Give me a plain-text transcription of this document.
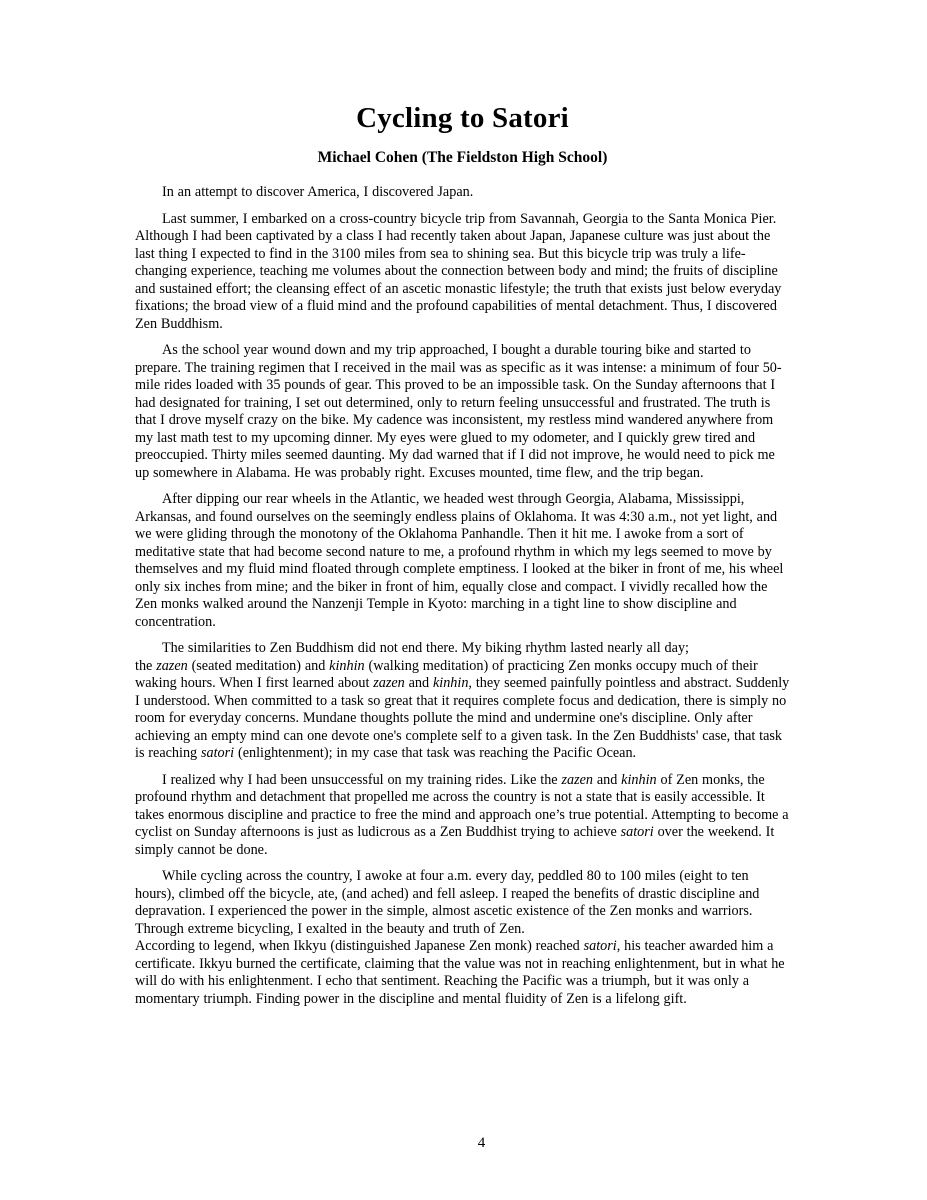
Cycling to Satori
Michael Cohen (The Fieldston High School)

In an attempt to discover America, I discovered Japan.

Last summer, I embarked on a cross-country bicycle trip from Savannah, Georgia to the Santa Monica Pier. Although I had been captivated by a class I had recently taken about Japan, Japanese culture was just about the last thing I expected to find in the 3100 miles from sea to shining sea. But this bicycle trip was truly a life-changing experience, teaching me volumes about the connection between body and mind; the fruits of discipline and sustained effort; the cleansing effect of an ascetic monastic lifestyle; the truth that exists just below everyday fixations; the broad view of a fluid mind and the profound capabilities of mental detachment. Thus, I discovered Zen Buddhism.

As the school year wound down and my trip approached, I bought a durable touring bike and started to prepare. The training regimen that I received in the mail was as specific as it was intense: a minimum of four 50-mile rides loaded with 35 pounds of gear. This proved to be an impossible task. On the Sunday afternoons that I had designated for training, I set out determined, only to return feeling unsuccessful and frustrated. The truth is that I drove myself crazy on the bike. My cadence was inconsistent, my restless mind wandered anywhere from my last math test to my upcoming dinner. My eyes were glued to my odometer, and I quickly grew tired and preoccupied. Thirty miles seemed daunting. My dad warned that if I did not improve, he would need to pick me up somewhere in Alabama. He was probably right. Excuses mounted, time flew, and the trip began.

After dipping our rear wheels in the Atlantic, we headed west through Georgia, Alabama, Mississippi, Arkansas, and found ourselves on the seemingly endless plains of Oklahoma. It was 4:30 a.m., not yet light, and we were gliding through the monotony of the Oklahoma Panhandle. Then it hit me. I awoke from a sort of meditative state that had become second nature to me, a profound rhythm in which my legs seemed to move by themselves and my fluid mind floated through complete emptiness. I looked at the biker in front of me, his wheel only six inches from mine; and the biker in front of him, equally close and compact. I vividly recalled how the Zen monks walked around the Nanzenji Temple in Kyoto: marching in a tight line to show discipline and concentration.

The similarities to Zen Buddhism did not end there. My biking rhythm lasted nearly all day;
the zazen (seated meditation) and kinhin (walking meditation) of practicing Zen monks occupy much of their waking hours. When I first learned about zazen and kinhin, they seemed painfully pointless and abstract. Suddenly I understood. When committed to a task so great that it requires complete focus and dedication, there is simply no room for everyday concerns. Mundane thoughts pollute the mind and undermine one's discipline. Only after achieving an empty mind can one devote one's complete self to a given task. In the Zen Buddhists' case, that task is reaching satori (enlightenment); in my case that task was reaching the Pacific Ocean.

I realized why I had been unsuccessful on my training rides. Like the zazen and kinhin of Zen monks, the profound rhythm and detachment that propelled me across the country is not a state that is easily accessible. It takes enormous discipline and practice to free the mind and approach one’s true potential. Attempting to become a cyclist on Sunday afternoons is just as ludicrous as a Zen Buddhist trying to achieve satori over the weekend. It simply cannot be done.

While cycling across the country, I awoke at four a.m. every day, peddled 80 to 100 miles (eight to ten hours), climbed off the bicycle, ate, (and ached) and fell asleep. I reaped the benefits of drastic discipline and depravation. I experienced the power in the simple, almost ascetic existence of the Zen monks and warriors. Through extreme bicycling, I exalted in the beauty and truth of Zen.
According to legend, when Ikkyu (distinguished Japanese Zen monk) reached satori, his teacher awarded him a certificate. Ikkyu burned the certificate, claiming that the value was not in reaching enlightenment, but in what he will do with his enlightenment. I echo that sentiment. Reaching the Pacific was a triumph, but it was only a momentary triumph. Finding power in the discipline and mental fluidity of Zen is a lifelong gift.

4
